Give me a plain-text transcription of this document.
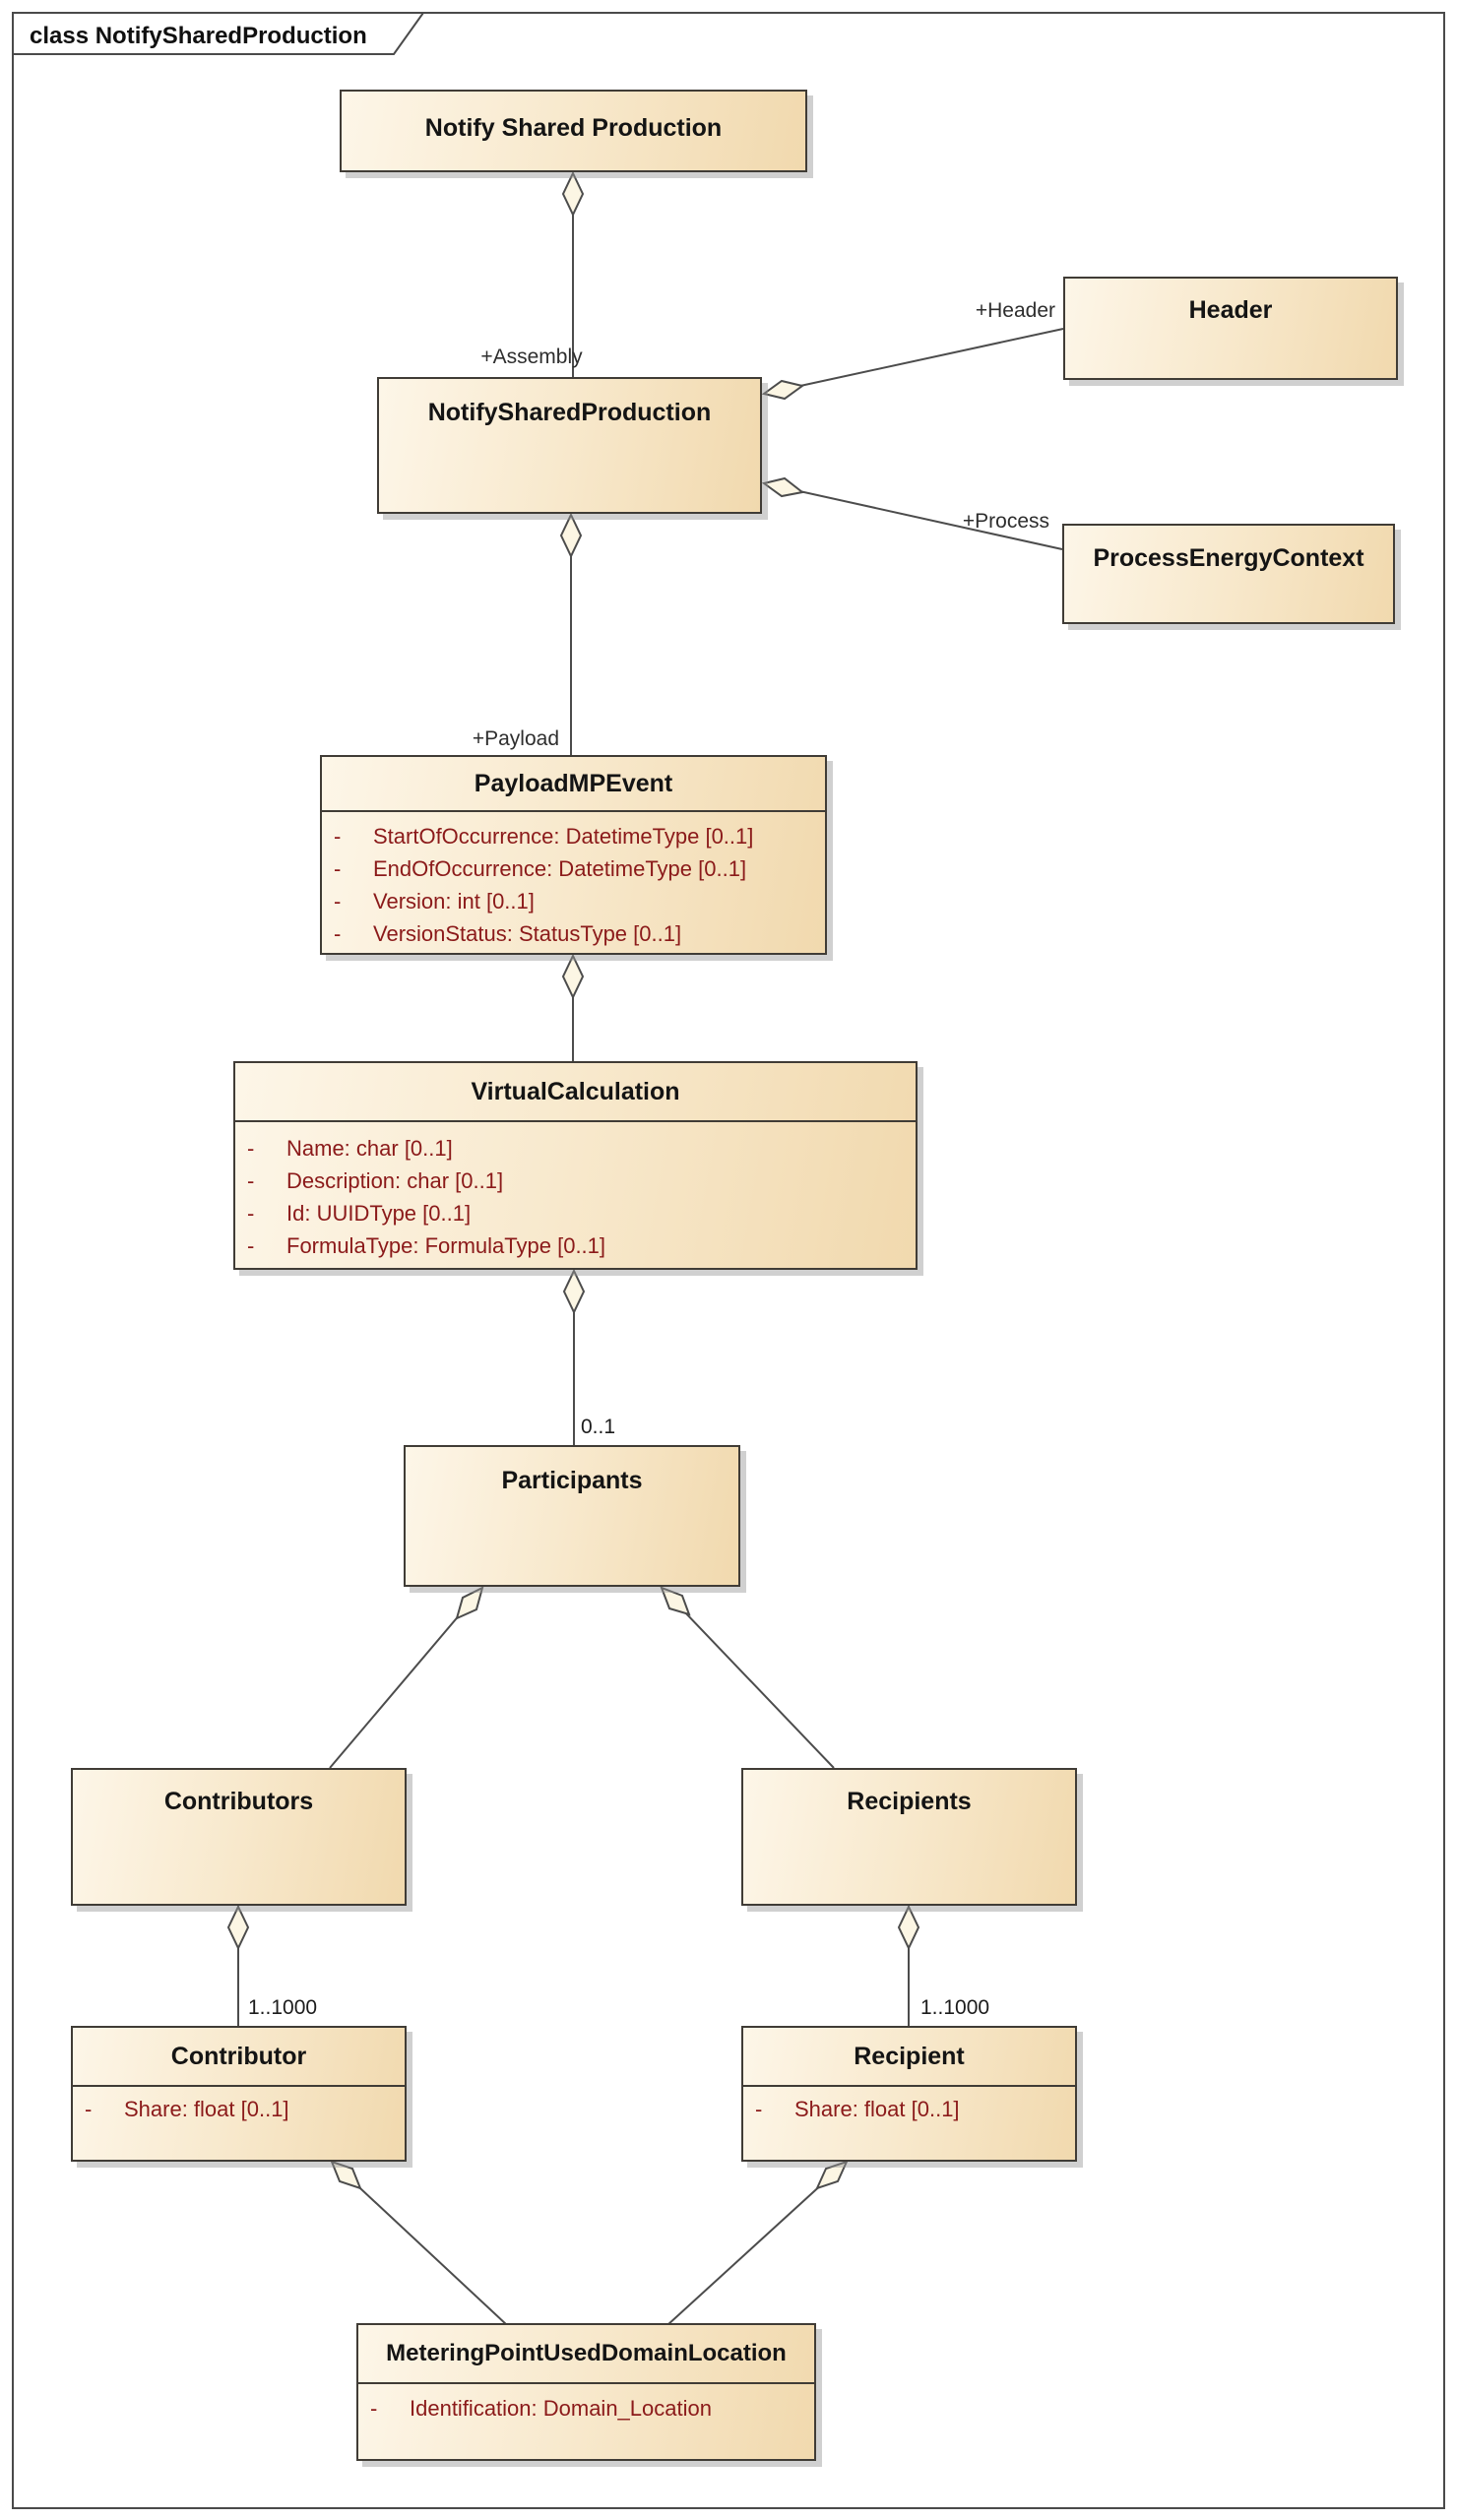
class NotifySharedProduction
+Assembly
+Header
+Process
+Payload
0..1
1..1000	1..1000
Notify Shared Production
NotifySharedProduction
Header
ProcessEnergyContext
PayloadMPEvent
- StartOfOccurrence: DatetimeType [0..1]
- EndOfOccurrence: DatetimeType [0..1]
- Version: int [0..1]
- VersionStatus: StatusType [0..1]
VirtualCalculation
- Name: char [0..1]
- Description: char [0..1]
- Id: UUIDType [0..1]
- FormulaType: FormulaType [0..1]
Participants
Contributors	Recipients
Contributor
- Share: float [0..1]
Recipient
- Share: float [0..1]
MeteringPointUsedDomainLocation
- Identification: Domain_Location
